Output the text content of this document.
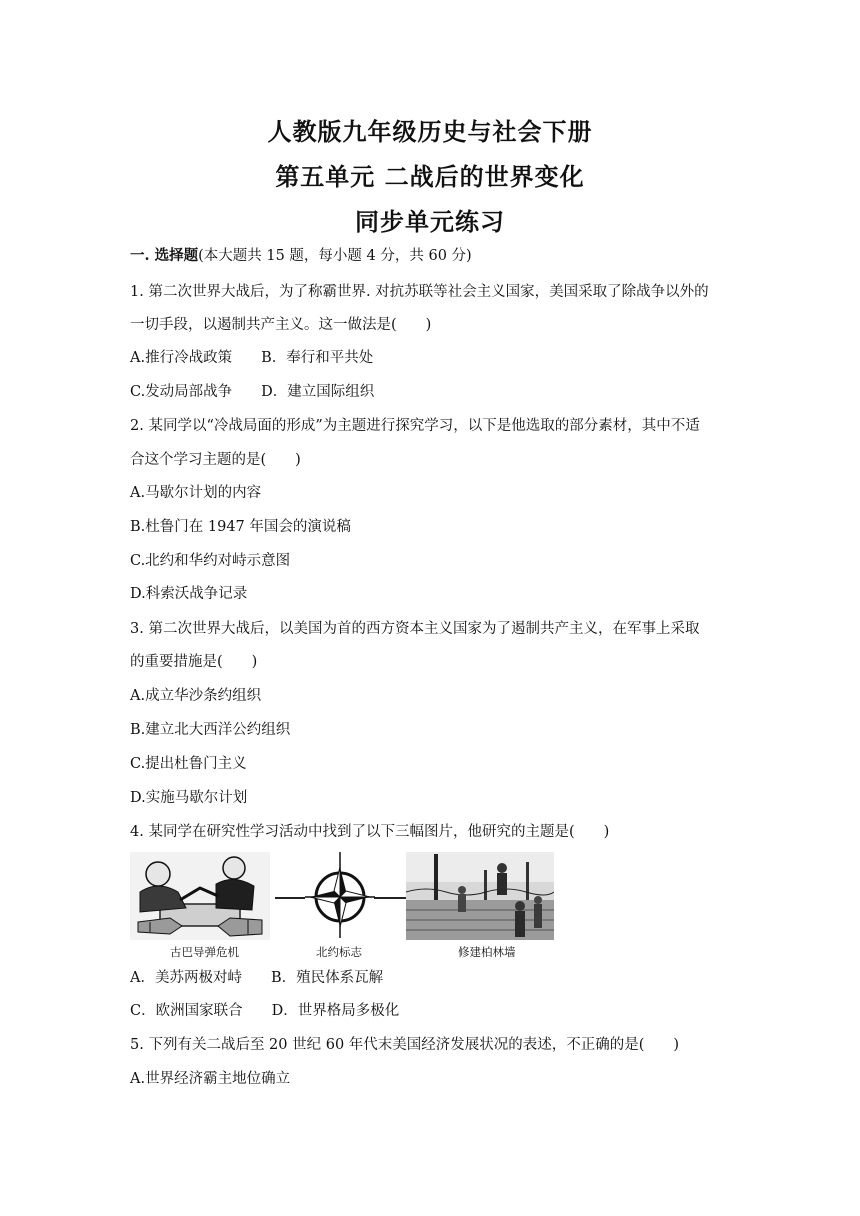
人教版九年级历史与社会下册
第五单元 二战后的世界变化
同步单元练习
一. 选择题(本大题共 15 题，每小题 4 分，共 60 分)
1. 第二次世界大战后，为了称霸世界. 对抗苏联等社会主义国家，美国采取了除战争以外的
一切手段，以遏制共产主义。这一做法是(　　)
A.推行冷战政策　　B．奉行和平共处
C.发动局部战争　　D．建立国际组织
2. 某同学以“冷战局面的形成”为主题进行探究学习，以下是他选取的部分素材，其中不适
合这个学习主题的是(　　)
A.马歇尔计划的内容
B.杜鲁门在 1947 年国会的演说稿
C.北约和华约对峙示意图
D.科索沃战争记录
3. 第二次世界大战后，以美国为首的西方资本主义国家为了遏制共产主义，在军事上采取
的重要措施是(　　)
A.成立华沙条约组织
B.建立北大西洋公约组织
C.提出杜鲁门主义
D.实施马歇尔计划
4. 某同学在研究性学习活动中找到了以下三幅图片，他研究的主题是(　　)
古巴导弹危机	北约标志	修建柏林墙
A．美苏两极对峙　　B．殖民体系瓦解
C．欧洲国家联合　　D．世界格局多极化
5. 下列有关二战后至 20 世纪 60 年代末美国经济发展状况的表述，不正确的是(　　)
A.世界经济霸主地位确立
